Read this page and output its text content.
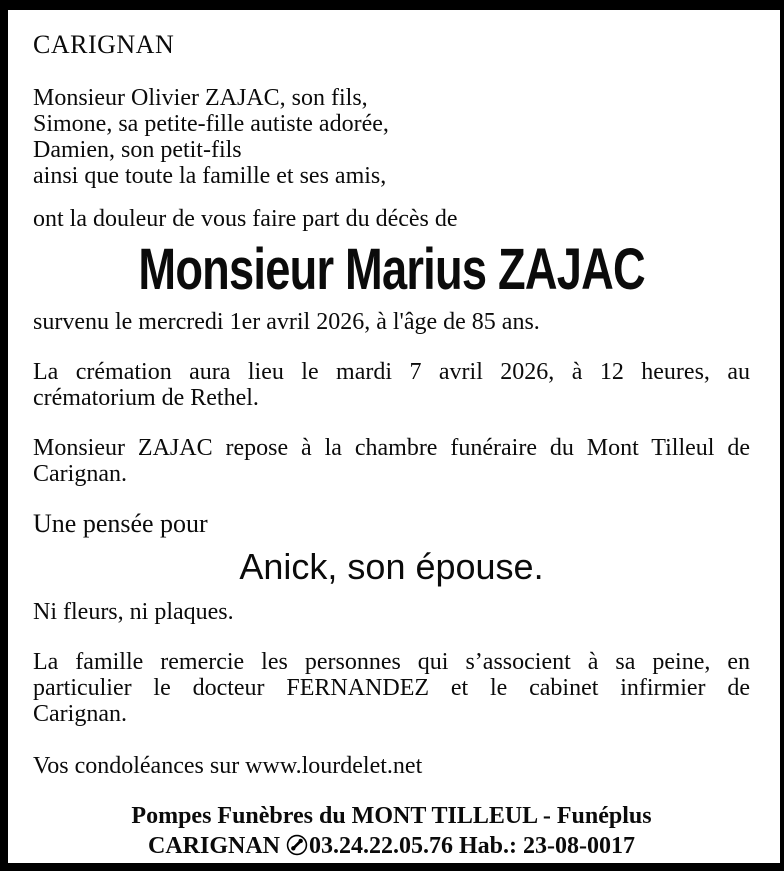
CARIGNAN
Monsieur Olivier ZAJAC, son fils,
Simone, sa petite-fille autiste adorée,
Damien, son petit-fils
ainsi que toute la famille et ses amis,
ont la douleur de vous faire part du décès de
Monsieur Marius ZAJAC
survenu le mercredi 1er avril 2026, à l'âge de 85 ans.
La crémation aura lieu le mardi 7 avril 2026, à 12 heures, au
crématorium de Rethel.
Monsieur ZAJAC repose à la chambre funéraire du Mont Tilleul de
Carignan.
Une pensée pour
Anick, son épouse.
Ni fleurs, ni plaques.
La famille remercie les personnes qui s’associent à sa peine, en
particulier le docteur FERNANDEZ et le cabinet infirmier de
Carignan.
Vos condoléances sur www.lourdelet.net
Pompes Funèbres du MONT TILLEUL - Funéplus
CARIGNAN 03.24.22.05.76 Hab.: 23-08-0017
